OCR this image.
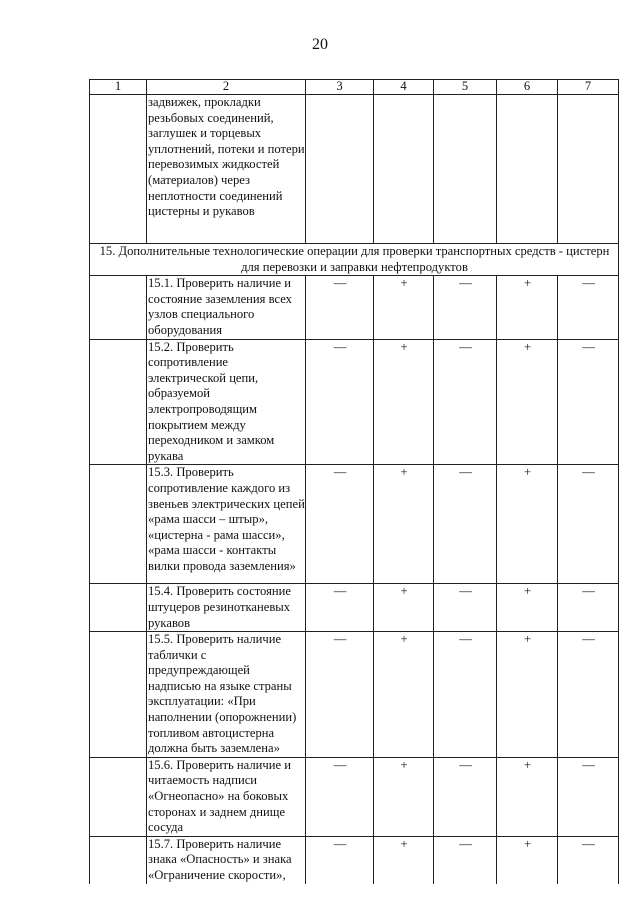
20
1	2	3	4	5	6	7
	задвижек, прокладки резьбовых соединений, заглушек и торцевых уплотнений, потеки и потери перевозимых жидкостей (материалов) через неплотности соединений цистерны и рукавов					
15. Дополнительные технологические операции для проверки транспортных средств - цистерн для перевозки и заправки нефтепродуктов						
	15.1. Проверить наличие и состояние заземления всех узлов специального оборудования	—	+	—	+	—
	15.2. Проверить сопротивление электрической цепи, образуемой электропроводящим покрытием между переходником и замком рукава	—	+	—	+	—
	15.3. Проверить сопротивление каждого из звеньев электрических цепей «рама шасси – штыр», «цистерна - рама шасси», «рама шасси - контакты вилки провода заземления»	—	+	—	+	—
	15.4. Проверить состояние штуцеров резинотканевых рукавов	—	+	—	+	—
	15.5. Проверить наличие таблички с предупреждающей надписью на языке страны эксплуатации: «При наполнении (опорожнении) топливом автоцистерна должна быть заземлена»	—	+	—	+	—
	15.6. Проверить наличие и читаемость надписи «Огнеопасно» на боковых сторонах и заднем днище сосуда	—	+	—	+	—
	15.7. Проверить наличие знака «Опасность» и знака «Ограничение скорости»,	—	+	—	+	—
